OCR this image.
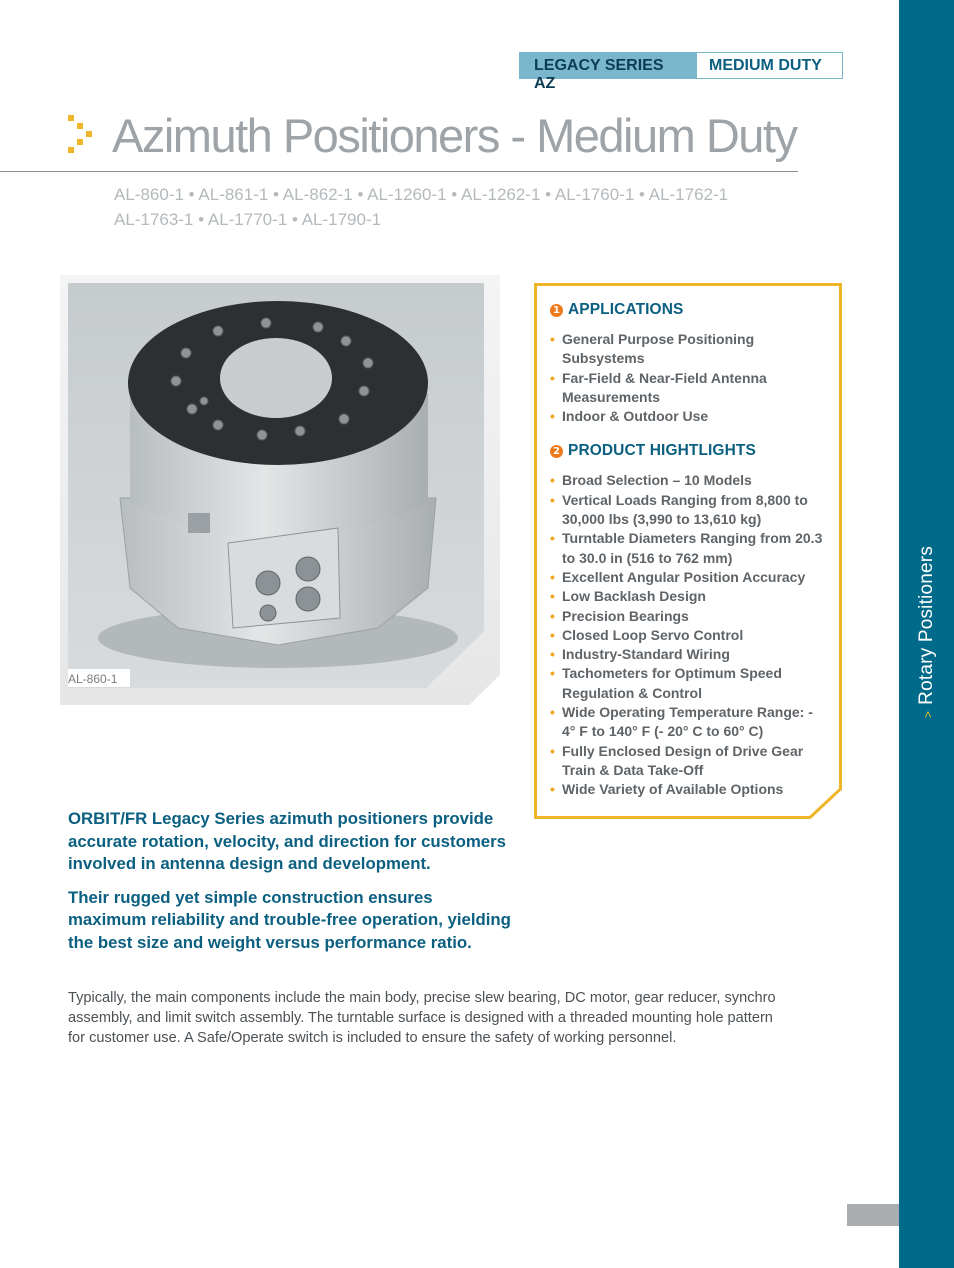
>Rotary Positioners
LEGACY SERIES AZ
MEDIUM DUTY
Azimuth Positioners - Medium Duty
AL-860-1 • AL-861-1 • AL-862-1 • AL-1260-1 • AL-1262-1 • AL-1760-1 • AL-1762-1
AL-1763-1 • AL-1770-1 • AL-1790-1
AL-860-1
1 APPLICATIONS
• General Purpose Positioning Subsystems
• Far-Field & Near-Field Antenna Measurements
• Indoor & Outdoor Use
2 PRODUCT HIGHTLIGHTS
• Broad Selection – 10 Models
• Vertical Loads Ranging from 8,800 to 30,000 lbs (3,990 to 13,610 kg)
• Turntable Diameters Ranging from 20.3 to 30.0 in (516 to 762 mm)
• Excellent Angular Position Accuracy
• Low Backlash Design
• Precision Bearings
• Closed Loop Servo Control
• Industry-Standard Wiring
• Tachometers for Optimum Speed Regulation & Control
• Wide Operating Temperature Range: - 4° F to 140° F (- 20° C to 60° C)
• Fully Enclosed Design of Drive Gear Train & Data Take-Off
• Wide Variety of Available Options

ORBIT/FR Legacy Series azimuth positioners provide accurate rotation, velocity, and direction for customers involved in antenna design and development.

Their rugged yet simple construction ensures maximum reliability and trouble-free operation, yielding the best size and weight versus performance ratio.

Typically, the main components include the main body, precise slew bearing, DC motor, gear reducer, synchro assembly, and limit switch assembly. The turntable surface is designed with a threaded mounting hole pattern for customer use. A Safe/Operate switch is included to ensure the safety of working personnel.
